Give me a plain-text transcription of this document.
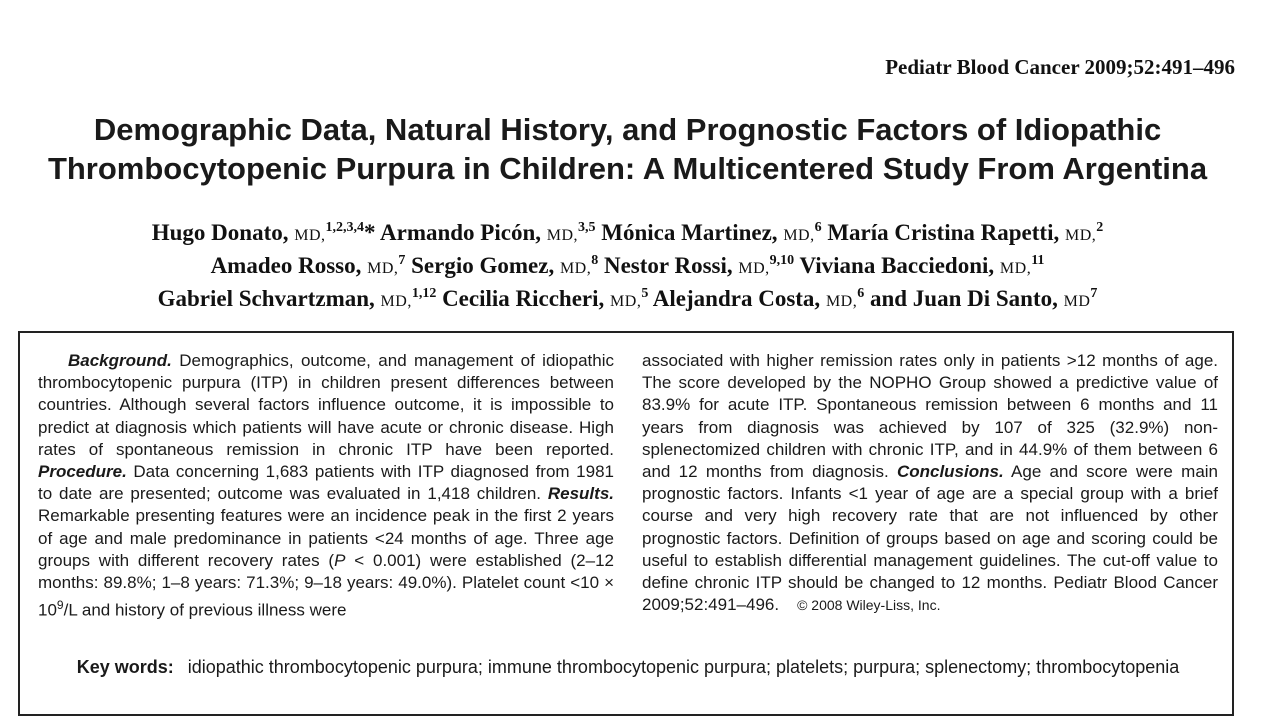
Pediatr Blood Cancer 2009;52:491–496
Demographic Data, Natural History, and Prognostic Factors of Idiopathic
Thrombocytopenic Purpura in Children: A Multicentered Study From Argentina
Hugo Donato, MD,$^{1,2,3,4}$* Armando Picón, MD,$^{3,5}$ Mónica Martinez, MD,$^6$ María Cristina Rapetti, MD,$^2$
Amadeo Rosso, MD,$^7$ Sergio Gomez, MD,$^8$ Nestor Rossi, MD,$^{9,10}$ Viviana Bacciedoni, MD,$^{11}$
Gabriel Schvartzman, MD,$^{1,12}$ Cecilia Riccheri, MD,$^5$ Alejandra Costa, MD,$^6$ and Juan Di Santo, $MD^7$
Background. Demographics, outcome, and management of idiopathic thrombocytopenic purpura (ITP) in children present differences between countries. Although several factors influence outcome, it is impossible to predict at diagnosis which patients will have acute or chronic disease. High rates of spontaneous remission in chronic ITP have been reported. Procedure. Data concerning 1,683 patients with ITP diagnosed from 1981 to date are presented; outcome was evaluated in 1,418 children. Results. Remarkable presenting features were an incidence peak in the first 2 years of age and male predominance in patients <24 months of age. Three age groups with different recovery rates (P < 0.001) were established (2–12 months: 89.8%; 1–8 years: 71.3%; 9–18 years: 49.0%). Platelet count $<10 \times 10^9/L$ and history of previous illness were
associated with higher remission rates only in patients >12 months of age. The score developed by the NOPHO Group showed a predictive value of 83.9% for acute ITP. Spontaneous remission between 6 months and 11 years from diagnosis was achieved by 107 of 325 (32.9%) non-splenectomized children with chronic ITP, and in 44.9% of them between 6 and 12 months from diagnosis. Conclusions. Age and score were main prognostic factors. Infants <1 year of age are a special group with a brief course and very high recovery rate that are not influenced by other prognostic factors. Definition of groups based on age and scoring could be useful to establish differential management guidelines. The cut-off value to define chronic ITP should be changed to 12 months. Pediatr Blood Cancer 2009;52:491–496. © 2008 Wiley-Liss, Inc.
Key words: idiopathic thrombocytopenic purpura; immune thrombocytopenic purpura; platelets; purpura; splenectomy; thrombocytopenia
